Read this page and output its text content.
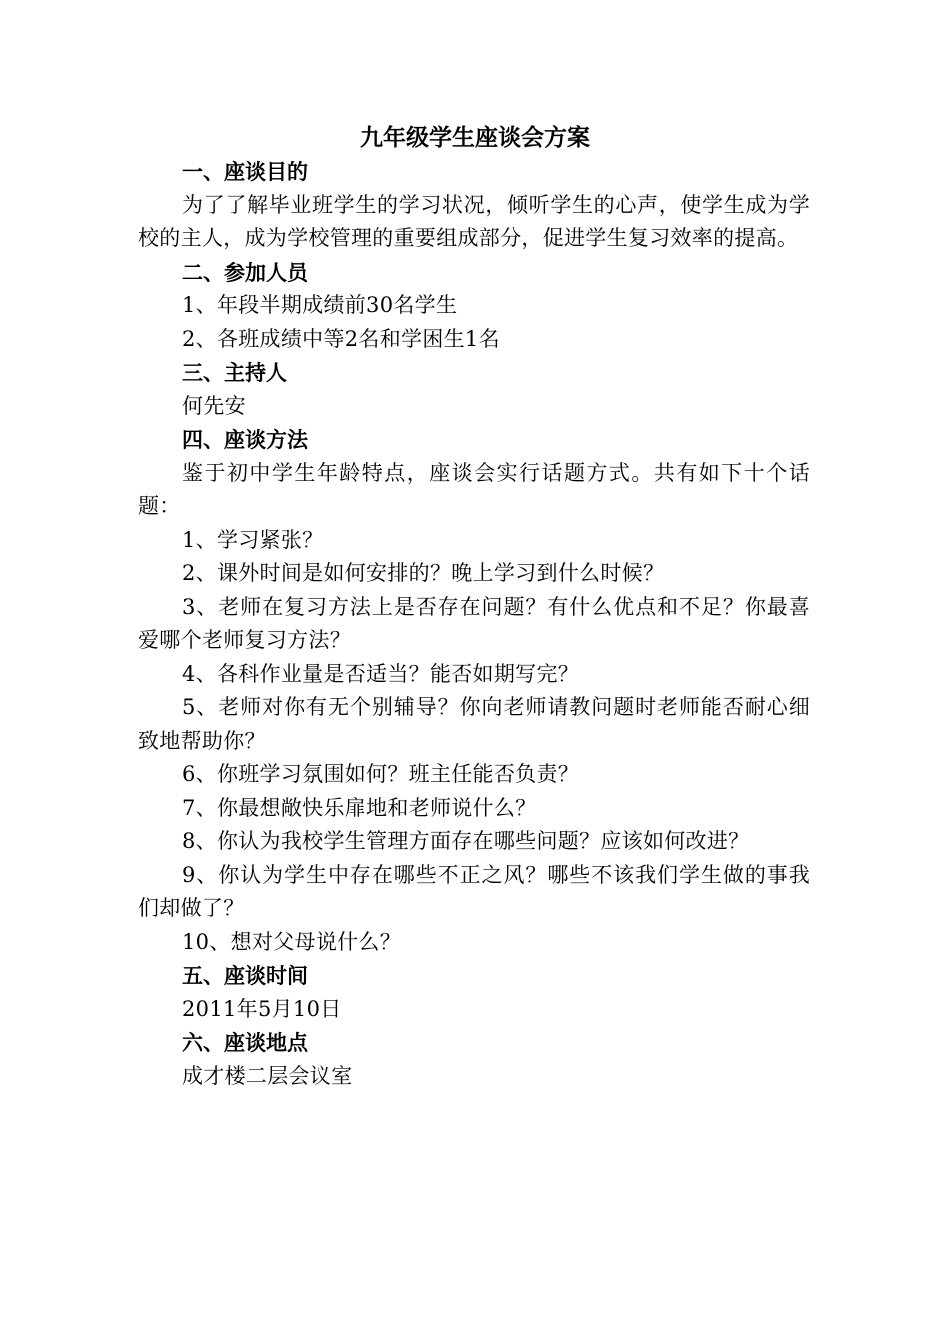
九年级学生座谈会方案

一、座谈目的

为了了解毕业班学生的学习状况，倾听学生的心声，使学生成为学校的主人，成为学校管理的重要组成部分，促进学生复习效率的提高。

二、参加人员

1、年段半期成绩前30名学生

2、各班成绩中等2名和学困生1名

三、主持人

何先安

四、座谈方法

鉴于初中学生年龄特点，座谈会实行话题方式。共有如下十个话题：

1、学习紧张？

2、课外时间是如何安排的？晚上学习到什么时候？

3、老师在复习方法上是否存在问题？有什么优点和不足？你最喜爱哪个老师复习方法？

4、各科作业量是否适当？能否如期写完？

5、老师对你有无个别辅导？你向老师请教问题时老师能否耐心细致地帮助你？

6、你班学习氛围如何？班主任能否负责？

7、你最想敞快乐扉地和老师说什么？

8、你认为我校学生管理方面存在哪些问题？应该如何改进？

9、你认为学生中存在哪些不正之风？哪些不该我们学生做的事我们却做了？

10、想对父母说什么？

五、座谈时间

2011年5月10日

六、座谈地点

成才楼二层会议室
